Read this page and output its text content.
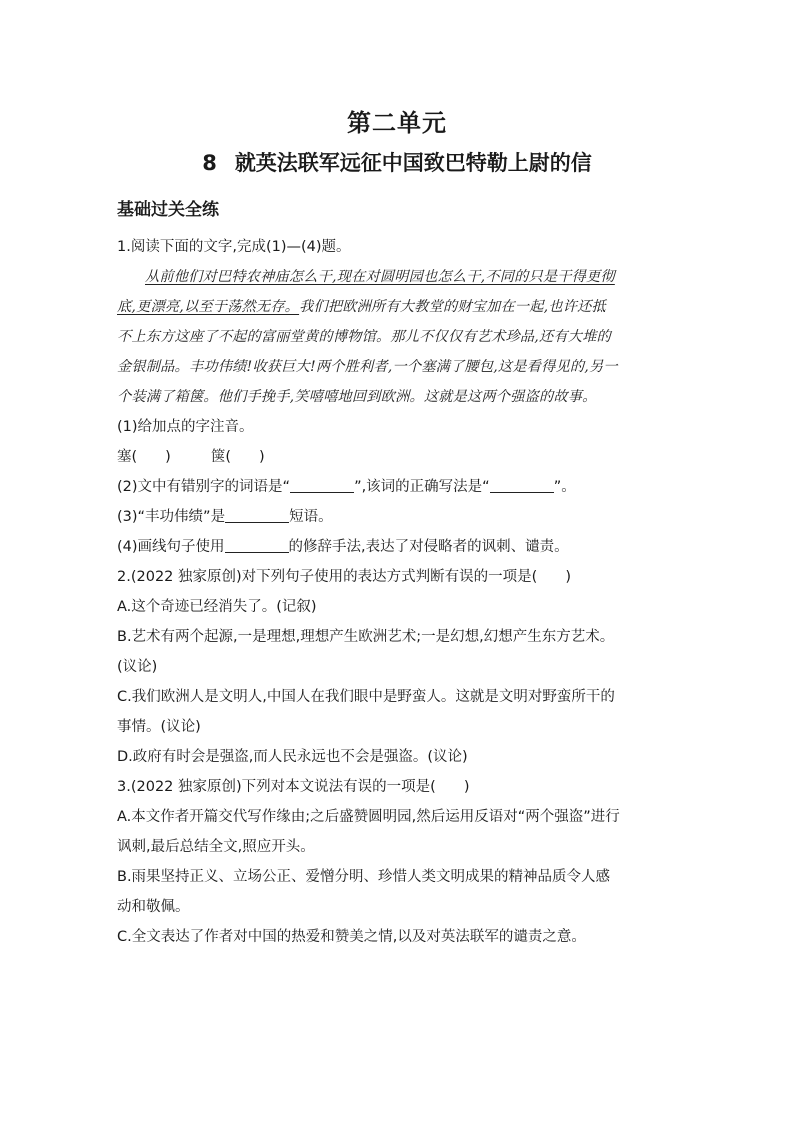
第二单元
8 就英法联军远征中国致巴特勒上尉的信
基础过关全练
1.阅读下面的文字,完成(1)—(4)题。
从前他们对巴特农神庙怎么干,现在对圆明园也怎么干,不同的只是干得更彻
底,更漂亮,以至于荡然无存。我们把欧洲所有大教堂的财宝加在一起,也许还抵
不上东方这座了不起的富丽堂黄的博物馆。那儿不仅仅有艺术珍品,还有大堆的
金银制品。丰功伟绩!收获巨大!两个胜利者,一个塞满了腰包,这是看得见的,另一
个装满了箱箧。他们手挽手,笑嘻嘻地回到欧洲。这就是这两个强盗的故事。
(1)给加点的字注音。
塞( )	箧( )
(2)文中有错别字的词语是“	”,该词的正确写法是“	”。
(3)“丰功伟绩”是	短语。
(4)画线句子使用	的修辞手法,表达了对侵略者的讽刺、谴责。
2.(2022 独家原创)对下列句子使用的表达方式判断有误的一项是( )
A.这个奇迹已经消失了。(记叙)
B.艺术有两个起源,一是理想,理想产生欧洲艺术;一是幻想,幻想产生东方艺术。
(议论)
C.我们欧洲人是文明人,中国人在我们眼中是野蛮人。这就是文明对野蛮所干的
事情。(议论)
D.政府有时会是强盗,而人民永远也不会是强盗。(议论)
3.(2022 独家原创)下列对本文说法有误的一项是( )
A.本文作者开篇交代写作缘由;之后盛赞圆明园,然后运用反语对“两个强盗”进行
讽刺,最后总结全文,照应开头。
B.雨果坚持正义、立场公正、爱憎分明、珍惜人类文明成果的精神品质令人感
动和敬佩。
C.全文表达了作者对中国的热爱和赞美之情,以及对英法联军的谴责之意。
